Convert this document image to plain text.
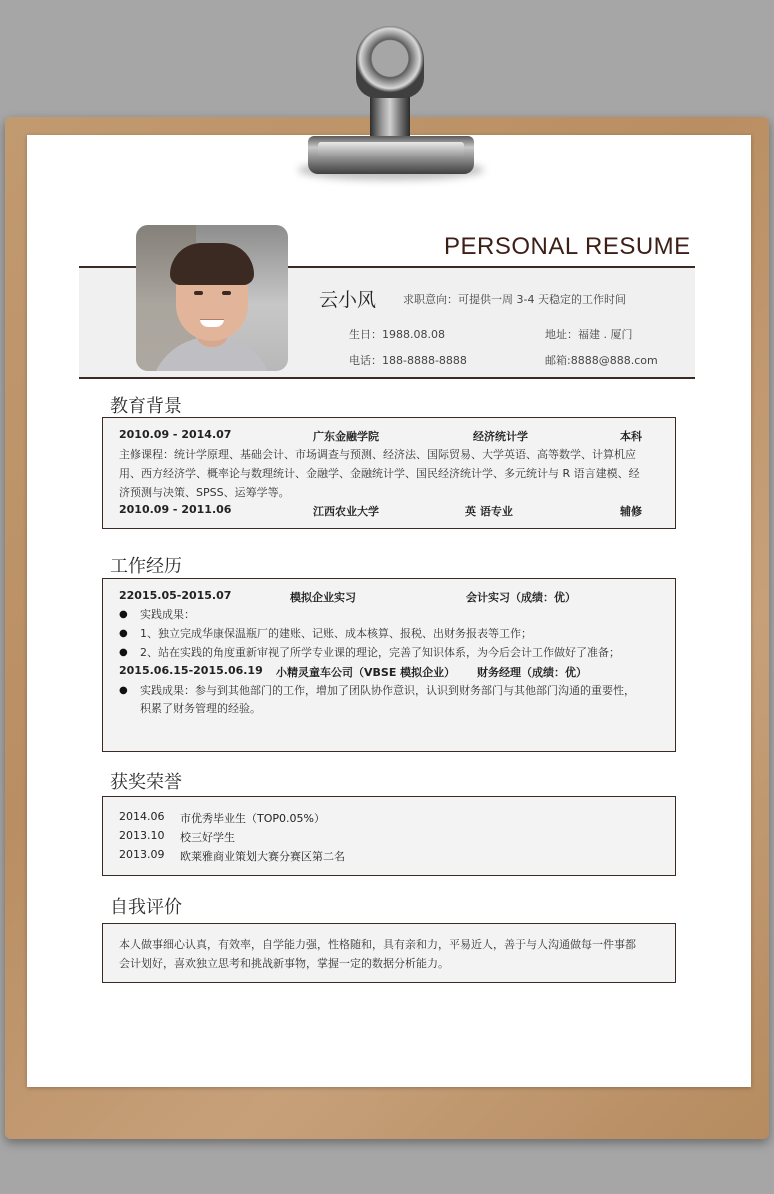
PERSONAL RESUME
云小风 求职意向：可提供一周 3-4 天稳定的工作时间
生日：1988.08.08	地址：福建 . 厦门
电话：188-8888-8888	邮箱:8888@888.com
教育背景
2010.09 - 2014.07	广东金融学院	经济统计学	本科
主修课程：统计学原理、基础会计、市场调查与预测、经济法、国际贸易、大学英语、高等数学、计算机应
用、西方经济学、概率论与数理统计、金融学、金融统计学、国民经济统计学、多元统计与 R 语言建模、经
济预测与决策、SPSS、运筹学等。
2010.09 - 2011.06	江西农业大学	英 语专业	辅修
工作经历
22015.05-2015.07	模拟企业实习	会计实习（成绩：优）
● 实践成果：
● 1、独立完成华康保温瓶厂的建账、记账、成本核算、报税、出财务报表等工作；
● 2、站在实践的角度重新审视了所学专业课的理论，完善了知识体系，为今后会计工作做好了准备；
2015.06.15-2015.06.19 小精灵童车公司（VBSE 模拟企业） 财务经理（成绩：优）
● 实践成果：参与到其他部门的工作，增加了团队协作意识，认识到财务部门与其他部门沟通的重要性，
积累了财务管理的经验。
获奖荣誉
2014.06 市优秀毕业生（TOP0.05%）
2013.10 校三好学生
2013.09 欧莱雅商业策划大赛分赛区第二名
自我评价
本人做事细心认真，有效率，自学能力强，性格随和，具有亲和力，平易近人，善于与人沟通做每一件事都
会计划好，喜欢独立思考和挑战新事物，掌握一定的数据分析能力。
